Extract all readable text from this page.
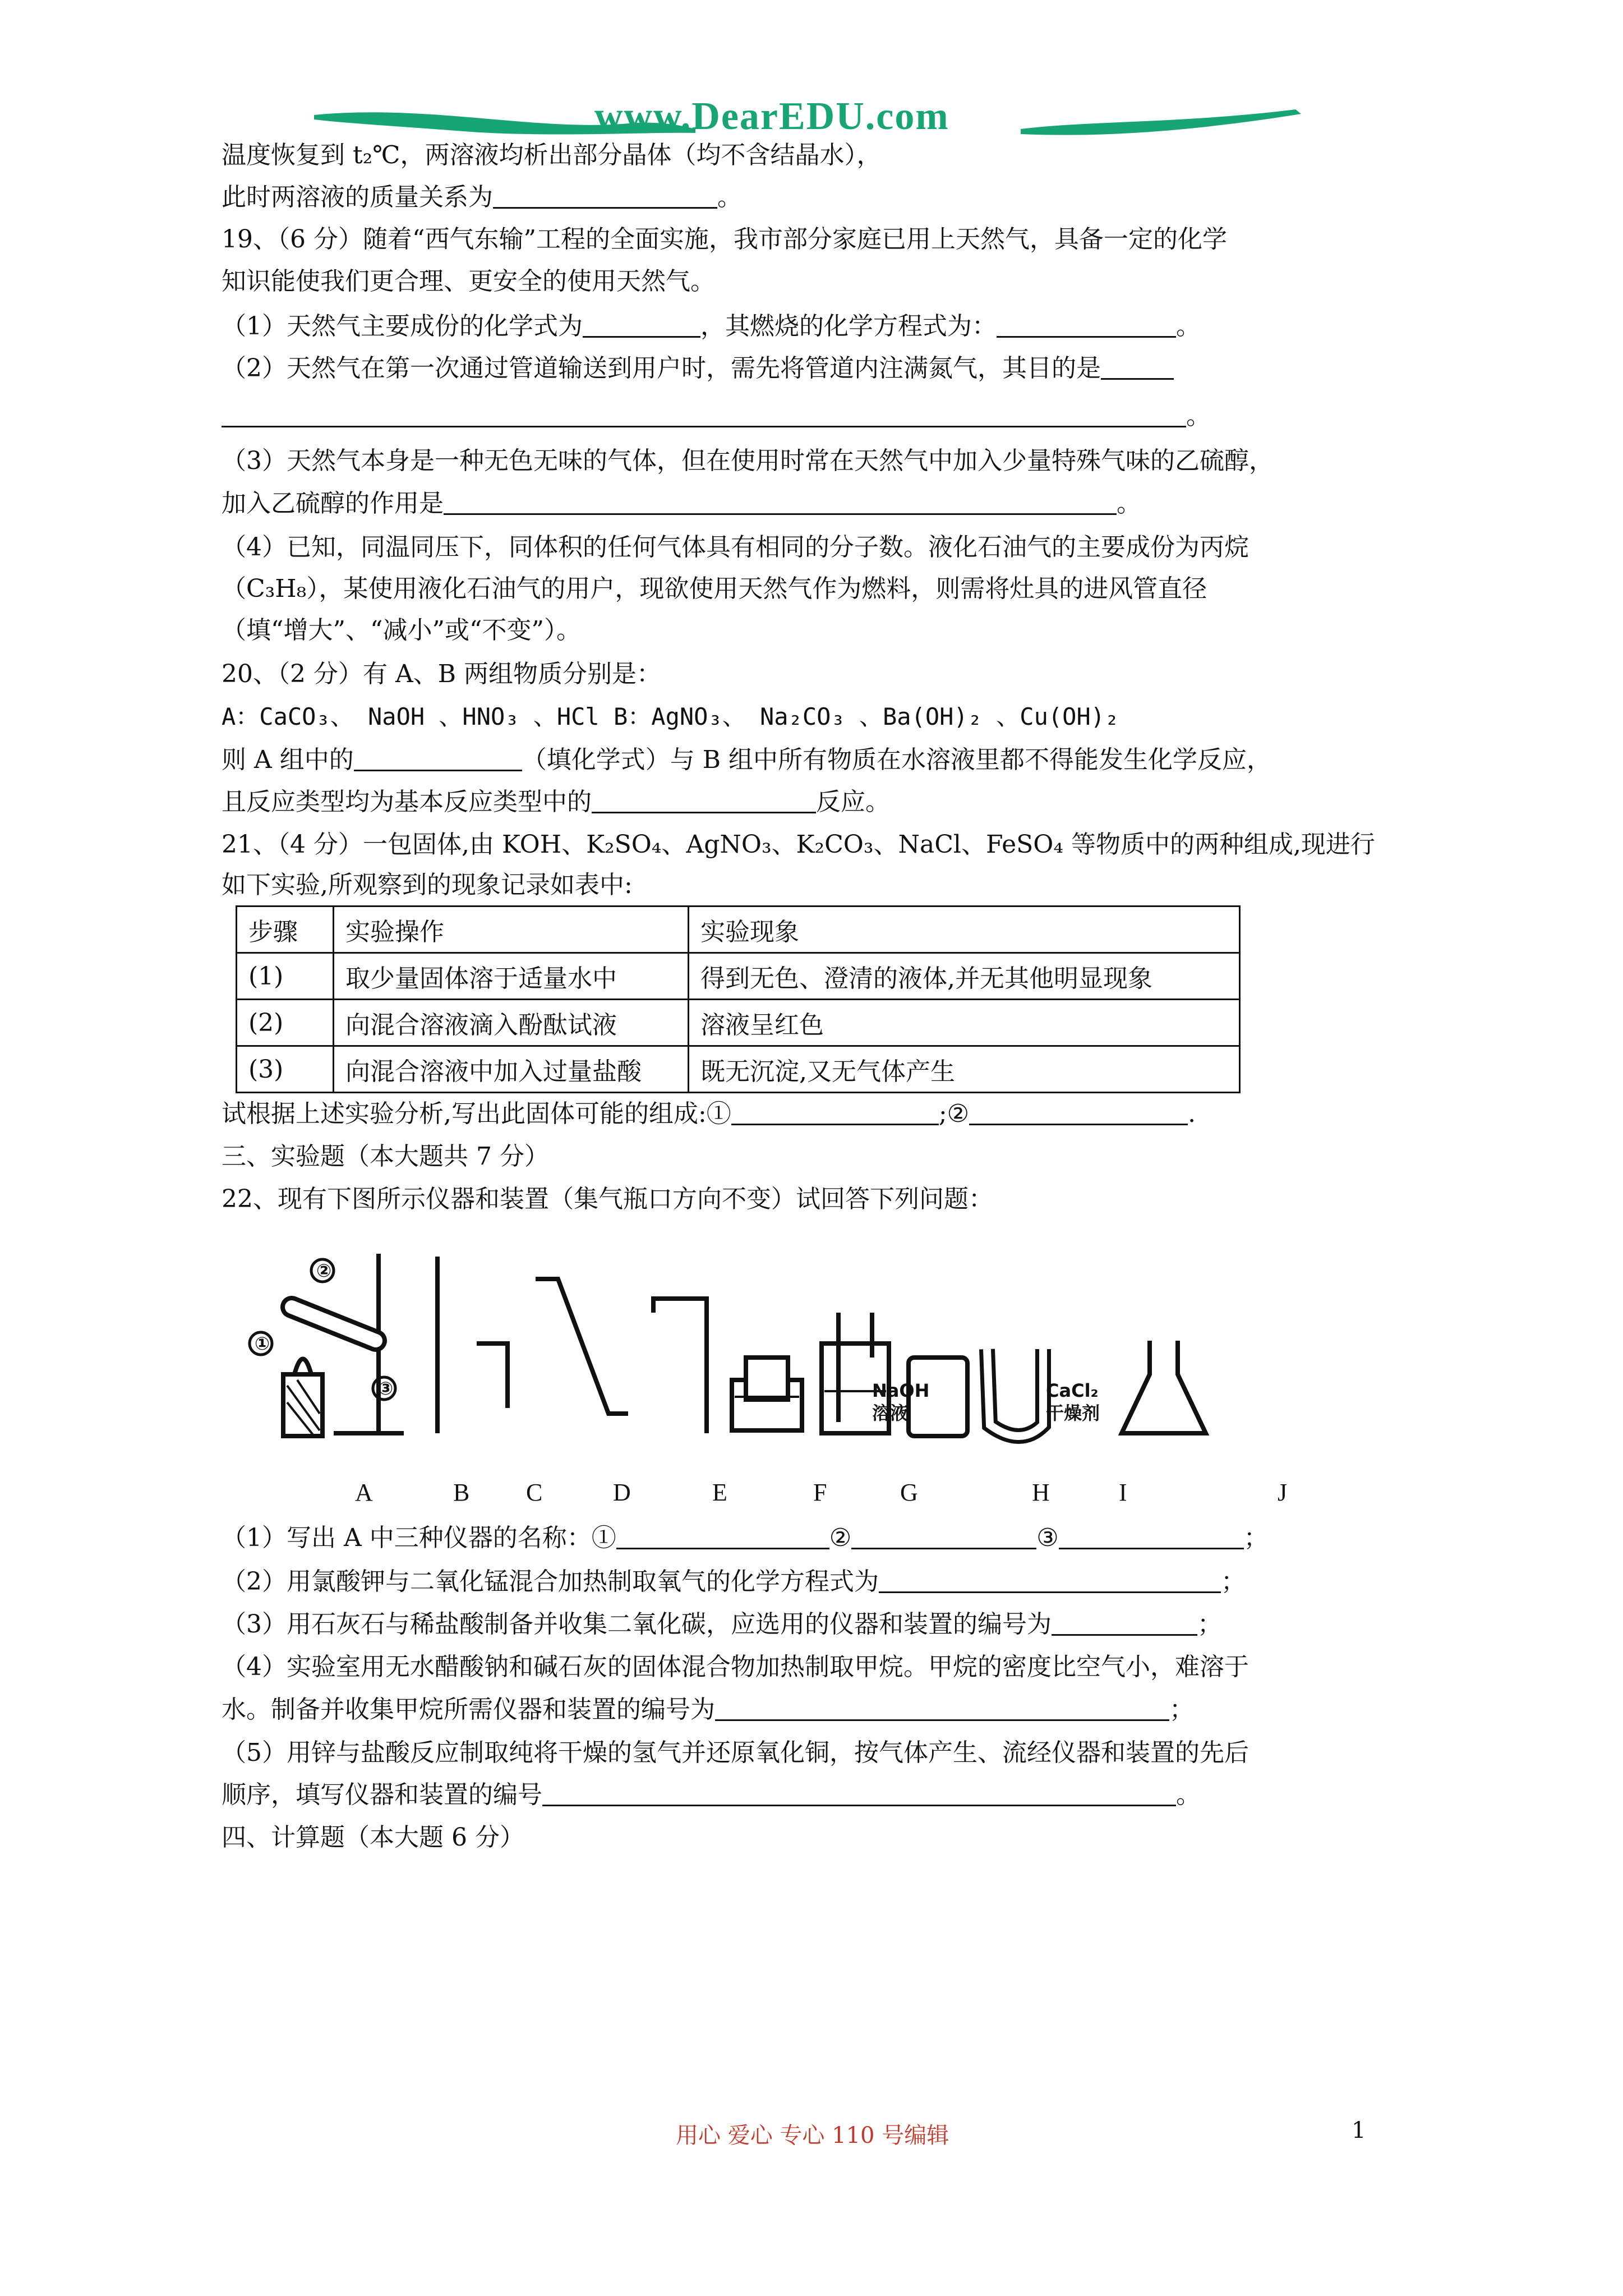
www.DearEDU.com
温度恢复到 t₂℃，两溶液均析出部分晶体（均不含结晶水），
此时两溶液的质量关系为	。
19、（6 分）随着“西气东输”工程的全面实施，我市部分家庭已用上天然气，具备一定的化学
知识能使我们更合理、更安全的使用天然气。
（1）天然气主要成份的化学式为	，其燃烧的化学方程式为：	。
（2）天然气在第一次通过管道输送到用户时，需先将管道内注满氮气，其目的是
。
（3）天然气本身是一种无色无味的气体，但在使用时常在天然气中加入少量特殊气味的乙硫醇，
加入乙硫醇的作用是	。
（4）已知，同温同压下，同体积的任何气体具有相同的分子数。液化石油气的主要成份为丙烷
（C₃H₈），某使用液化石油气的用户，现欲使用天然气作为燃料，则需将灶具的进风管直径
（填“增大”、“减小”或“不变”）。
20、（2 分）有 A、B 两组物质分别是：
A：CaCO₃、 NaOH 、HNO₃ 、HCl B：AgNO₃、 Na₂CO₃ 、Ba(OH)₂ 、Cu(OH)₂
则 A 组中的	（填化学式）与 B 组中所有物质在水溶液里都不得能发生化学反应，
且反应类型均为基本反应类型中的	反应。
21、（4 分）一包固体,由 KOH、K₂SO₄、AgNO₃、K₂CO₃、NaCl、FeSO₄ 等物质中的两种组成,现进行
如下实验,所观察到的现象记录如表中:
步骤	实验操作	实验现象
(1)	取少量固体溶于适量水中	得到无色、澄清的液体,并无其他明显现象
(2)	向混合溶液滴入酚酞试液	溶液呈红色
(3)	向混合溶液中加入过量盐酸	既无沉淀,又无气体产生
试根据上述实验分析,写出此固体可能的组成:①	;②	.
三、实验题（本大题共 7 分）
22、现有下图所示仪器和装置（集气瓶口方向不变）试回答下列问题：
①
②
③	NaOH
溶液
CaCl₂
干燥剂
A	B C	D	E	F	G	H	I	J
（1）写出 A 中三种仪器的名称：①	②	③	；
（2）用氯酸钾与二氧化锰混合加热制取氧气的化学方程式为	；
（3）用石灰石与稀盐酸制备并收集二氧化碳，应选用的仪器和装置的编号为	；
（4）实验室用无水醋酸钠和碱石灰的固体混合物加热制取甲烷。甲烷的密度比空气小，难溶于
水。制备并收集甲烷所需仪器和装置的编号为	；
（5）用锌与盐酸反应制取纯将干燥的氢气并还原氧化铜，按气体产生、流经仪器和装置的先后
顺序，填写仪器和装置的编号	。
四、计算题（本大题 6 分）
用心 爱心 专心 110 号编辑	1
